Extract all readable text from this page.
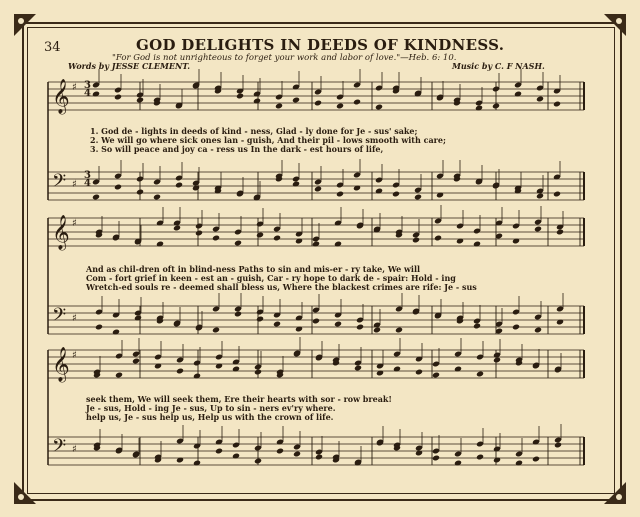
34	GOD DELIGHTS IN DEEDS OF KINDNESS.
"For God is not unrighteous to forget your work and labor of love."—Heb. 6: 10.
Words by JESSE CLEMENT.	Music by C. F NASH.
𝄞 ♯
𝄢 ♯
𝄞 ♯
𝄢 ♯
𝄞 ♯
𝄢 ♯
3
4
3
4
1. God de - lights in deeds of kind - ness, Glad - ly done for Je - sus' sake;
2. We will go where sick ones lan - guish, And their pil - lows smooth with care;
3. So will peace and joy ca - ress us In the dark - est hours of life,
And as chil-dren oft in blind-ness Paths to sin and mis-er - ry take, We will
Com - fort grief in keen - est an - guish, Car - ry hope to dark de - spair: Hold - ing
Wretch-ed souls re - deemed shall bless us, Where the blackest crimes are rife: Je - sus
seek them, We will seek them, Ere their hearts with sor - row break!
Je - sus, Hold - ing Je - sus, Up to sin - ners ev'ry where.
help us, Je - sus help us, Help us with the crown of life.
